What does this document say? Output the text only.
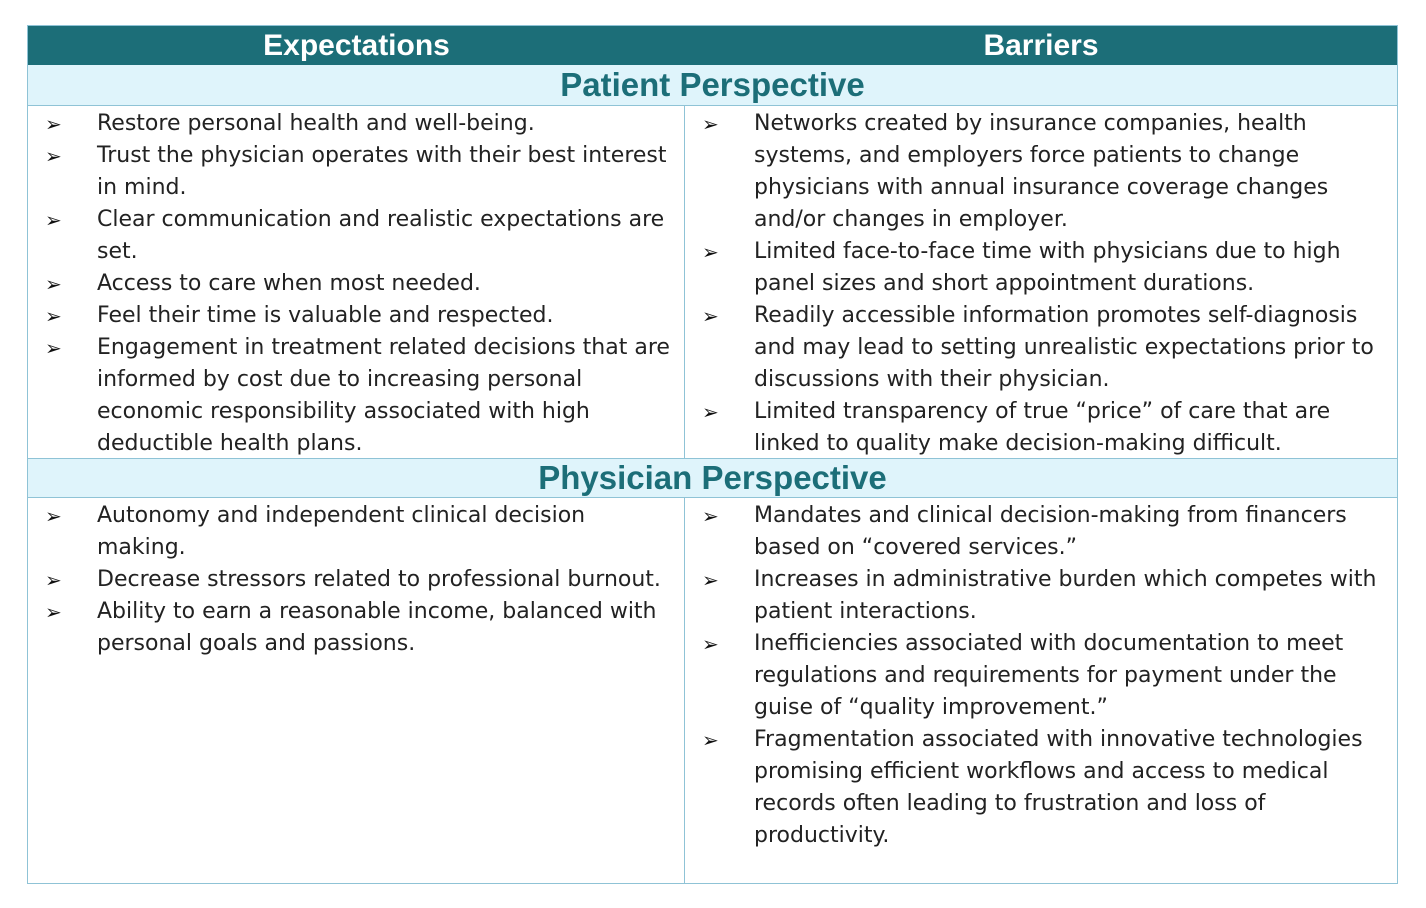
Expectations	Barriers
Patient Perspective
➢ Restore personal health and well-being.
➢ Trust the physician operates with their best interest in mind.
➢ Clear communication and realistic expectations are set.
➢ Access to care when most needed.
➢ Feel their time is valuable and respected.
➢ Engagement in treatment related decisions that are informed by cost due to increasing personal economic responsibility associated with high deductible health plans.
➢ Networks created by insurance companies, health systems, and employers force patients to change physicians with annual insurance coverage changes and/or changes in employer.
➢ Limited face-to-face time with physicians due to high panel sizes and short appointment durations.
➢ Readily accessible information promotes self-diagnosis and may lead to setting unrealistic expectations prior to discussions with their physician.
➢ Limited transparency of true “price” of care that are linked to quality make decision-making difficult.
Physician Perspective
➢ Autonomy and independent clinical decision making.
➢ Decrease stressors related to professional burnout.
➢ Ability to earn a reasonable income, balanced with personal goals and passions.
➢ Mandates and clinical decision-making from financers based on “covered services.”
➢ Increases in administrative burden which competes with patient interactions.
➢ Inefficiencies associated with documentation to meet regulations and requirements for payment under the guise of “quality improvement.”
➢ Fragmentation associated with innovative technologies promising efficient workflows and access to medical records often leading to frustration and loss of productivity.
